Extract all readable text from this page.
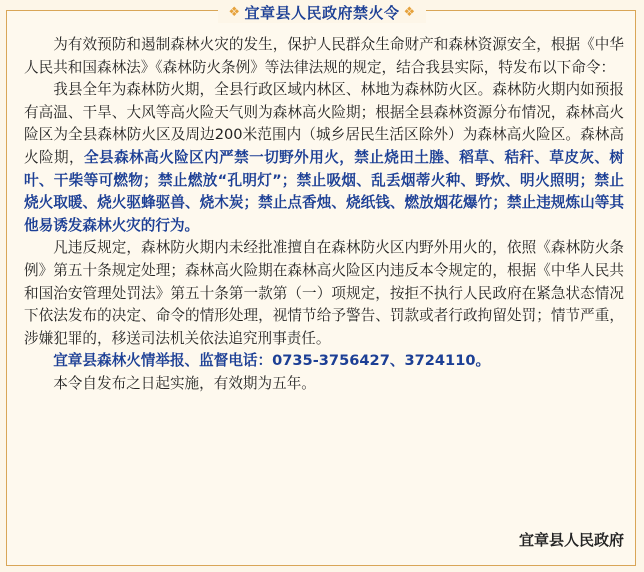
❖ 宜章县人民政府禁火令 ❖

为有效预防和遏制森林火灾的发生，保护人民群众生命财产和森林资源安全，根据《中华人民共和国森林法》《森林防火条例》等法律法规的规定，结合我县实际，特发布以下命令：

我县全年为森林防火期，全县行政区域内林区、林地为森林防火区。森林防火期内如预报有高温、干旱、大风等高火险天气则为森林高火险期；根据全县森林资源分布情况，森林高火险区为全县森林防火区及周边200米范围内（城乡居民生活区除外）为森林高火险区。森林高火险期，全县森林高火险区内严禁一切野外用火，禁止烧田土塍、稻草、秸秆、草皮灰、树叶、干柴等可燃物；禁止燃放“孔明灯”；禁止吸烟、乱丢烟蒂火种、野炊、明火照明；禁止烧火取暖、烧火驱蜂驱兽、烧木炭；禁止点香烛、烧纸钱、燃放烟花爆竹；禁止违规炼山等其他易诱发森林火灾的行为。

凡违反规定，森林防火期内未经批准擅自在森林防火区内野外用火的，依照《森林防火条例》第五十条规定处理；森林高火险期在森林高火险区内违反本令规定的，根据《中华人民共和国治安管理处罚法》第五十条第一款第（一）项规定，按拒不执行人民政府在紧急状态情况下依法发布的决定、命令的情形处理，视情节给予警告、罚款或者行政拘留处罚；情节严重，涉嫌犯罪的，移送司法机关依法追究刑事责任。

宜章县森林火情举报、监督电话：0735-3756427、3724110。

本令自发布之日起实施，有效期为五年。

宜章县人民政府
